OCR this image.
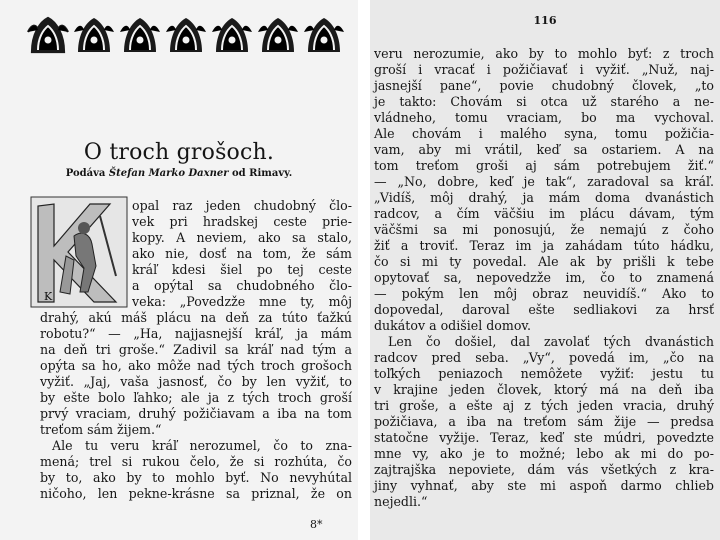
O troch grošoch.
Podáva Štefan Marko Daxner od Rimavy.
K
opal raz jeden chudobný člo-
vek pri hradskej ceste prie-
kopy. A neviem, ako sa stalo,
ako nie, dosť na tom, že sám
kráľ kdesi šiel po tej ceste
a opýtal sa chudobného člo-
veka: „Povedzže mne ty, môj
drahý, akú máš plácu na deň za túto ťažkú
robotu?“ — „Ha, najjasnejší kráľ, ja mám
na deň tri groše.“ Zadivil sa kráľ nad tým a
opýta sa ho, ako môže nad tých troch grošoch
vyžiť. „Jaj, vaša jasnosť, čo by len vyžiť, to
by ešte bolo ľahko; ale ja z tých troch groší
prvý vraciam, druhý požičiavam a iba na tom
treťom sám žijem.“
Ale tu veru kráľ nerozumel, čo to zna-
mená; trel si rukou čelo, že si rozhúta, čo
by to, ako by to mohlo byť. No nevyhútal
ničoho, len pekne-krásne sa priznal, že on
8*
116
veru nerozumie, ako by to mohlo byť: z troch
groší i vracať i požičiavať i vyžiť. „Nuž, naj-
jasnejší pane“, povie chudobný človek, „to
je takto: Chovám si otca už starého a ne-
vládneho, tomu vraciam, bo ma vychoval.
Ale chovám i malého syna, tomu požičia-
vam, aby mi vrátil, keď sa ostariem. A na
tom treťom groši aj sám potrebujem žiť.“
— „No, dobre, keď je tak“, zaradoval sa kráľ.
„Vidíš, môj drahý, ja mám doma dvanástich
radcov, a čím väčšiu im plácu dávam, tým
väčšmi sa mi ponosujú, že nemajú z čoho
žiť a troviť. Teraz im ja zahádam túto hádku,
čo si mi ty povedal. Ale ak by prišli k tebe
opytovať sa, nepovedzže im, čo to znamená
— pokým len môj obraz neuvidíš.“ Ako to
dopovedal, daroval ešte sedliakovi za hrsť
dukátov a odišiel domov.
Len čo došiel, dal zavolať tých dvanástich
radcov pred seba. „Vy“, povedá im, „čo na
toľkých peniazoch nemôžete vyžiť: jestu tu
v krajine jeden človek, ktorý má na deň iba
tri groše, a ešte aj z tých jeden vracia, druhý
požičiava, a iba na treťom sám žije — predsa
statočne vyžije. Teraz, keď ste múdri, povedzte
mne vy, ako je to možné; lebo ak mi do po-
zajtrajška nepoviete, dám vás všetkých z kra-
jiny vyhnať, aby ste mi aspoň darmo chlieb
nejedli.“
